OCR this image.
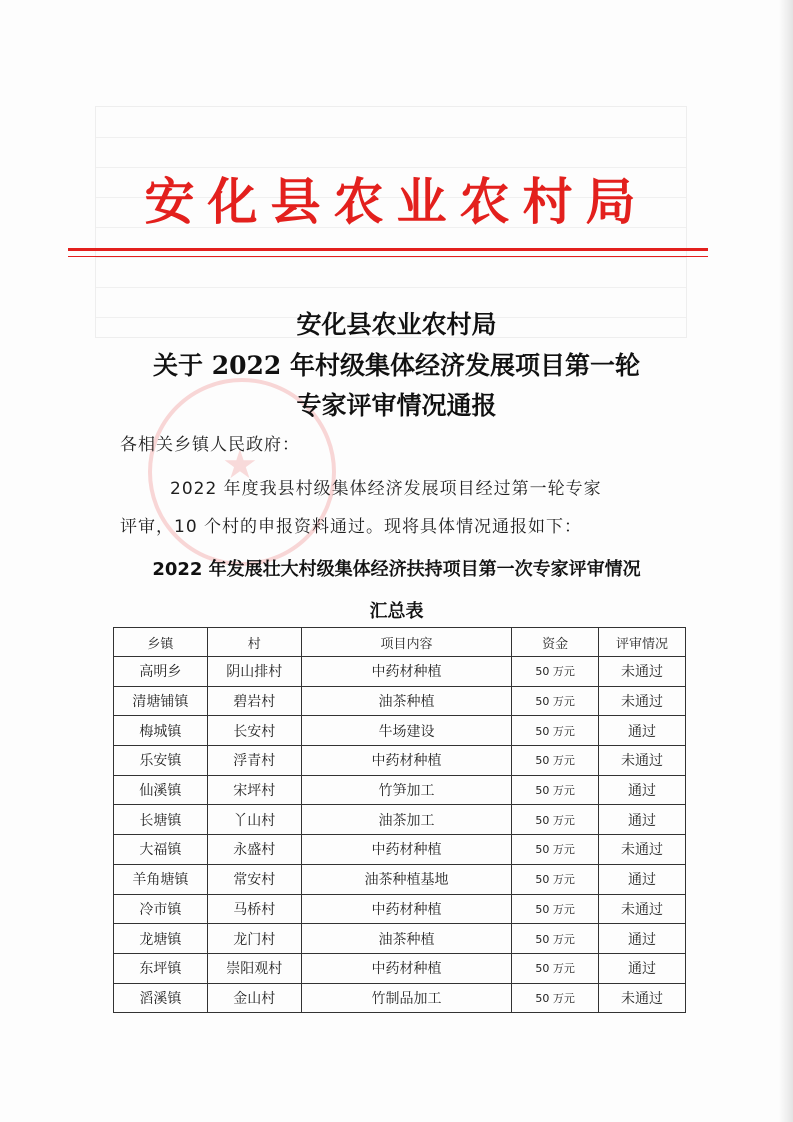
安化县农业农村局
★
安化县农业农村局
关于 2022 年村级集体经济发展项目第一轮
专家评审情况通报
各相关乡镇人民政府：
2022 年度我县村级集体经济发展项目经过第一轮专家
评审，10 个村的申报资料通过。现将具体情况通报如下：
2022 年发展壮大村级集体经济扶持项目第一次专家评审情况
汇总表
乡镇	村	项目内容	资金	评审情况
高明乡	阴山排村	中药材种植	50 万元	未通过
清塘铺镇	碧岩村	油茶种植	50 万元	未通过
梅城镇	长安村	牛场建设	50 万元	通过
乐安镇	浮青村	中药材种植	50 万元	未通过
仙溪镇	宋坪村	竹笋加工	50 万元	通过
长塘镇	丫山村	油茶加工	50 万元	通过
大福镇	永盛村	中药材种植	50 万元	未通过
羊角塘镇	常安村	油茶种植基地	50 万元	通过
冷市镇	马桥村	中药材种植	50 万元	未通过
龙塘镇	龙门村	油茶种植	50 万元	通过
东坪镇	崇阳观村	中药材种植	50 万元	通过
滔溪镇	金山村	竹制品加工	50 万元	未通过
